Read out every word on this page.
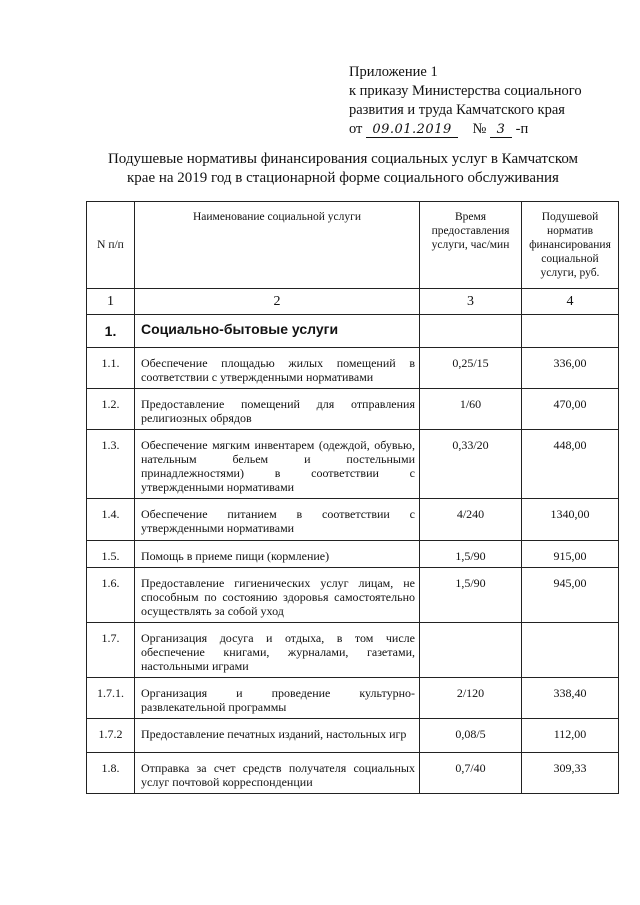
Приложение 1
к приказу Министерства социального
развития и труда Камчатского края
от 09.01.2019 № 3 -п
Подушевые нормативы финансирования социальных услуг в Камчатском
крае на 2019 год в стационарной форме социального обслуживания
N п/п	Наименование социальной услуги	Время предоставления услуги, час/мин	Подушевой норматив финансирования социальной услуги, руб.

1	2	3	4
1.	Социально-бытовые услуги		
1.1.	Обеспечение площадью жилых помещений в соответствии с утвержденными нормативами	0,25/15	336,00
1.2.	Предоставление помещений для отправления религиозных обрядов	1/60	470,00
1.3.	Обеспечение мягким инвентарем (одеждой, обувью, нательным бельем и постельными принадлежностями) в соответствии с утвержденными нормативами	0,33/20	448,00
1.4.	Обеспечение питанием в соответствии с утвержденными нормативами	4/240	1340,00
1.5.	Помощь в приеме пищи (кормление)	1,5/90	915,00
1.6.	Предоставление гигиенических услуг лицам, не способным по состоянию здоровья самостоятельно осуществлять за собой уход	1,5/90	945,00
1.7.	Организация досуга и отдыха, в том числе обеспечение книгами, журналами, газетами, настольными играми		
1.7.1.	Организация и проведение культурно-развлекательной программы	2/120	338,40
1.7.2	Предоставление печатных изданий, настольных игр	0,08/5	112,00
1.8.	Отправка за счет средств получателя социальных услуг почтовой корреспонденции	0,7/40	309,33
